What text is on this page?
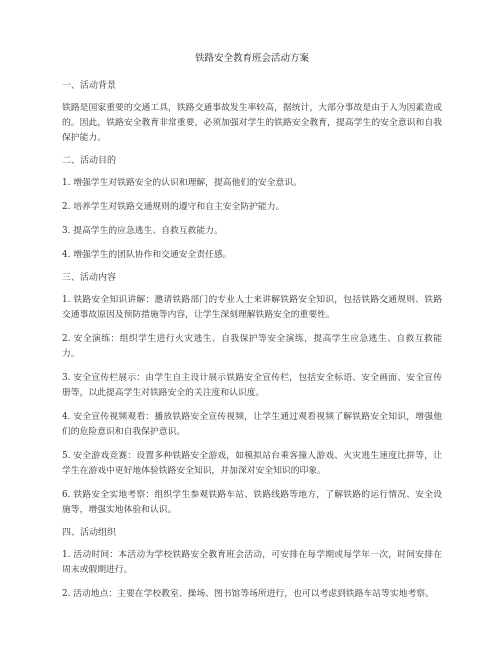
铁路安全教育班会活动方案
一、活动背景
铁路是国家重要的交通工具，铁路交通事故发生率较高，据统计，大部分事故是由于人为因素造成的。因此，铁路安全教育非常重要，必须加强对学生的铁路安全教育，提高学生的安全意识和自我保护能力。
二、活动目的
1. 增强学生对铁路安全的认识和理解，提高他们的安全意识。
2. 培养学生对铁路交通规则的遵守和自主安全防护能力。
3. 提高学生的应急逃生、自救互救能力。
4. 增强学生的团队协作和交通安全责任感。
三、活动内容
1. 铁路安全知识讲解：邀请铁路部门的专业人士来讲解铁路安全知识，包括铁路交通规则、铁路交通事故原因及预防措施等内容，让学生深刻理解铁路安全的重要性。
2. 安全演练：组织学生进行火灾逃生、自我保护等安全演练，提高学生应急逃生、自救互救能力。
3. 安全宣传栏展示：由学生自主设计展示铁路安全宣传栏，包括安全标语、安全画面、安全宣传册等，以此提高学生对铁路安全的关注度和认识度。
4. 安全宣传视频观看：播放铁路安全宣传视频，让学生通过观看视频了解铁路安全知识，增强他们的危险意识和自我保护意识。
5. 安全游戏竞赛：设置多种铁路安全游戏，如模拟站台乘客撞人游戏、火灾逃生速度比拼等，让学生在游戏中更好地体验铁路安全知识，并加深对安全知识的印象。
6. 铁路安全实地考察：组织学生参观铁路车站、铁路线路等地方，了解铁路的运行情况、安全设施等，增强实地体验和认识。
四、活动组织
1. 活动时间：本活动为学校铁路安全教育班会活动，可安排在每学期或每学年一次，时间安排在周末或假期进行。
2. 活动地点：主要在学校教室、操场、图书馆等场所进行，也可以考虑到铁路车站等实地考察。
